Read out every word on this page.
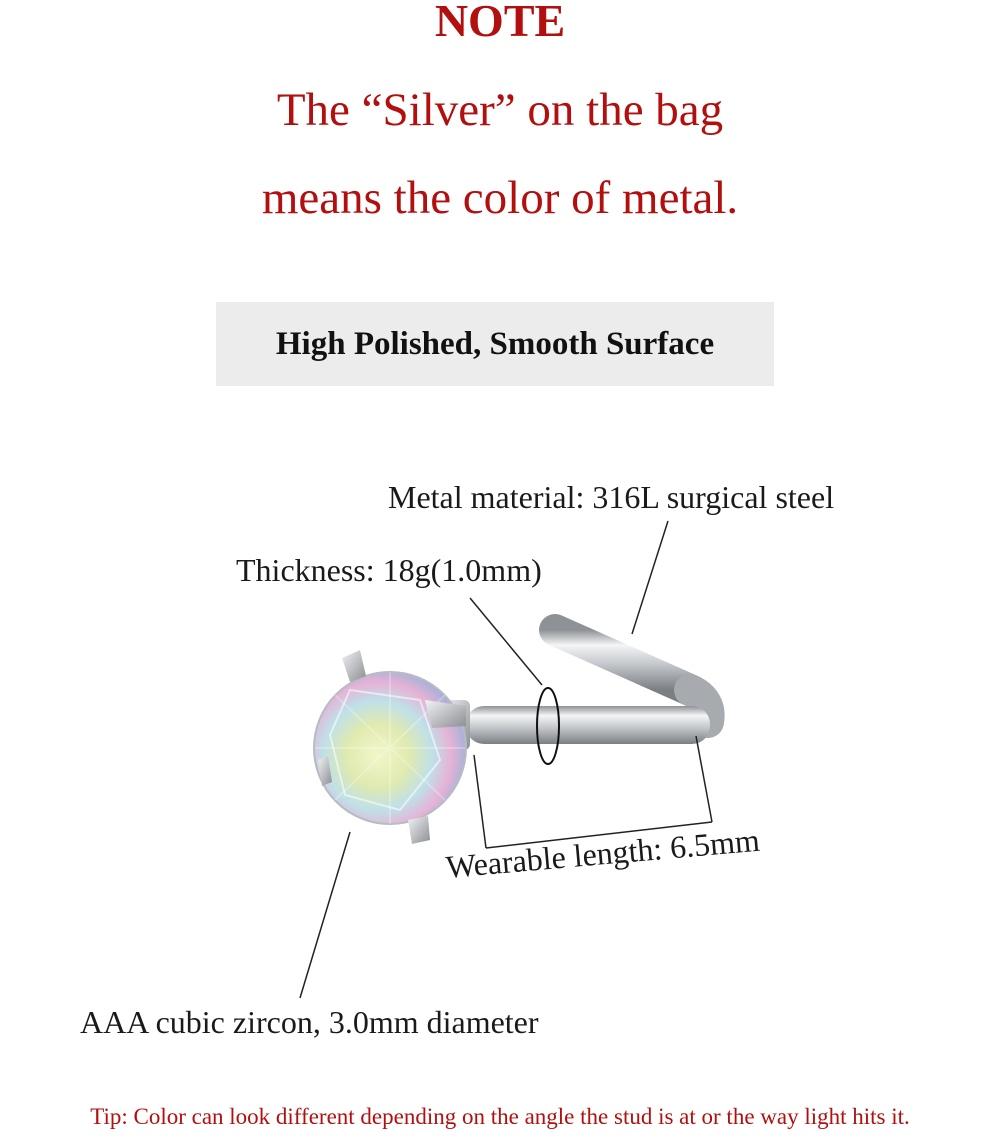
NOTE
The “Silver” on the bag
means the color of metal.
High Polished, Smooth Surface
Metal material: 316L surgical steel
Thickness: 18g(1.0mm)
Wearable length: 6.5mm
AAA cubic zircon, 3.0mm diameter
Tip: Color can look different depending on the angle the stud is at or the way light hits it.
